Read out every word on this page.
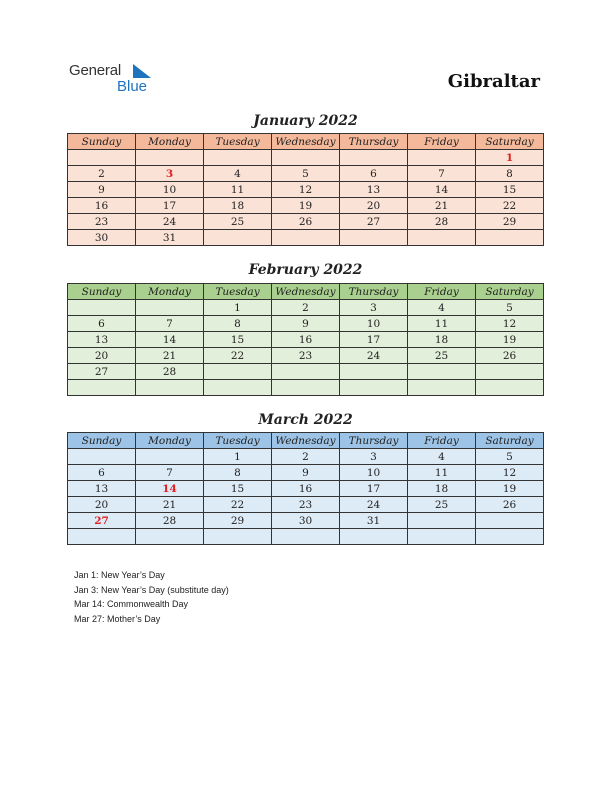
General
Blue	Gibraltar
January 2022
Sunday	Monday	Tuesday	Wednesday	Thursday	Friday	Saturday
						1
2	3	4	5	6	7	8
9	10	11	12	13	14	15
16	17	18	19	20	21	22
23	24	25	26	27	28	29
30	31					
February 2022
Sunday	Monday	Tuesday	Wednesday	Thursday	Friday	Saturday
		1	2	3	4	5
6	7	8	9	10	11	12
13	14	15	16	17	18	19
20	21	22	23	24	25	26
27	28					

March 2022
Sunday	Monday	Tuesday	Wednesday	Thursday	Friday	Saturday
		1	2	3	4	5
6	7	8	9	10	11	12
13	14	15	16	17	18	19
20	21	22	23	24	25	26
27	28	29	30	31		

Jan 1: New Year’s Day
Jan 3: New Year’s Day (substitute day)
Mar 14: Commonwealth Day
Mar 27: Mother’s Day
